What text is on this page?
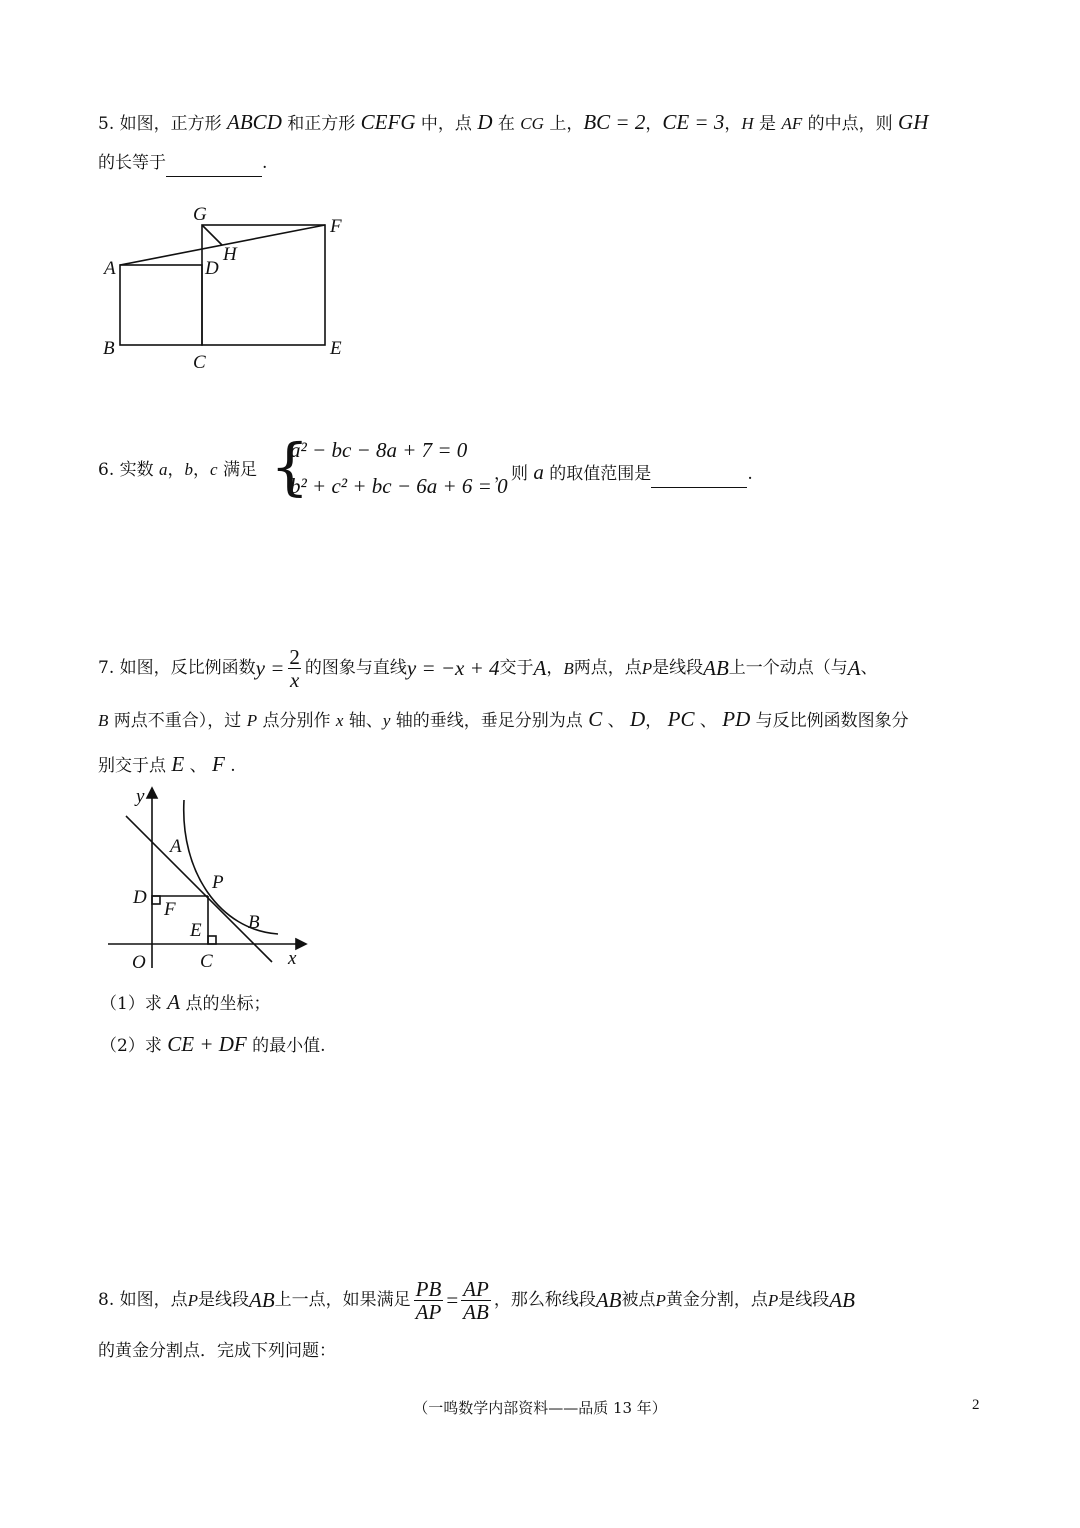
5. 如图，正方形 ABCD 和正方形 CEFG 中，点 D 在 CG 上，BC = 2，CE = 3，H 是 AF 的中点，则 GH
的长等于	.
G
F
H
A	D
B
C
E
6. 实数 a，b，c 满足 {
a² − bc − 8a + 7 = 0
b² + c² + bc − 6a + 6 = 0
，则 a 的取值范围是	.
7. 如图，反比例函数 $y = \frac{2}{x}$ 的图象与直线 y = −x + 4 交于 A ， B 两点，点 P 是线段 AB 上一个动点（与 A 、
B 两点不重合），过 P 点分别作 x 轴、y 轴的垂线，垂足分别为点 C 、 D， PC 、 PD 与反比例函数图象分
别交于点 E 、 F .
y
A
P
D
F
B
E
O	C	x
（1）求 A 点的坐标；
（2）求 CE + DF 的最小值.
8. 如图，点 P 是线段 AB 上一点，如果满足 $\frac{PB}{AP} = \frac{AP}{AB}$ ，那么称线段 AB 被点 P 黄金分割，点 P 是线段 AB
的黄金分割点．完成下列问题：
（一鸣数学内部资料——品质 13 年）	2
